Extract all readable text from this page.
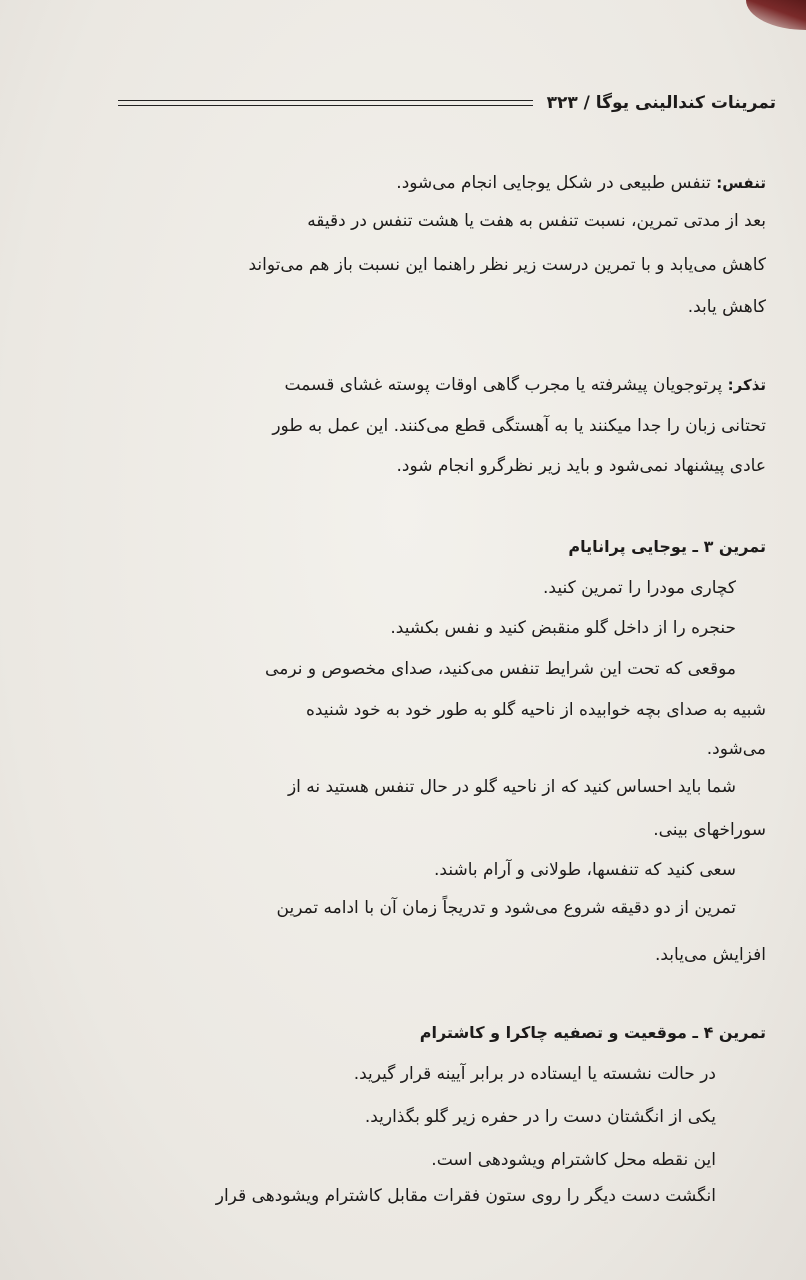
تمرینات کندالینی یوگا / ۳۲۳
تنفس: تنفس طبیعی در شکل یوجایی انجام می‌شود.
بعد از مدتی تمرین، نسبت تنفس به هفت یا هشت تنفس در دقیقه
کاهش می‌یابد و با تمرین درست زیر نظر راهنما این نسبت باز هم می‌تواند
کاهش یابد.
تذکر: پرتوجویان پیشرفته یا مجرب گاهی اوقات پوسته غشای قسمت
تحتانی زبان را جدا میکنند یا به آهستگی قطع می‌کنند. این عمل به طور
عادی پیشنهاد نمی‌شود و باید زیر نظرگرو انجام شود.
تمرین ۳ ـ یوجایی پرانایام
کچاری مودرا را تمرین کنید.
حنجره را از داخل گلو منقبض کنید و نفس بکشید.
موقعی که تحت این شرایط تنفس می‌کنید، صدای مخصوص و نرمی
شبیه به صدای بچه خوابیده از ناحیه گلو به طور خود به خود شنیده
می‌شود.
شما باید احساس کنید که از ناحیه گلو در حال تنفس هستید نه از
سوراخهای بینی.
سعی کنید که تنفسها، طولانی و آرام باشند.
تمرین از دو دقیقه شروع می‌شود و تدریجاً زمان آن با ادامه تمرین
افزایش می‌یابد.
تمرین ۴ ـ موقعیت و تصفیه چاکرا و کاشترام
در حالت نشسته یا ایستاده در برابر آیینه قرار گیرید.
یکی از انگشتان دست را در حفره زیر گلو بگذارید.
این نقطه محل کاشترام ویشودهی است.
انگشت دست دیگر را روی ستون فقرات مقابل کاشترام ویشودهی قرار
